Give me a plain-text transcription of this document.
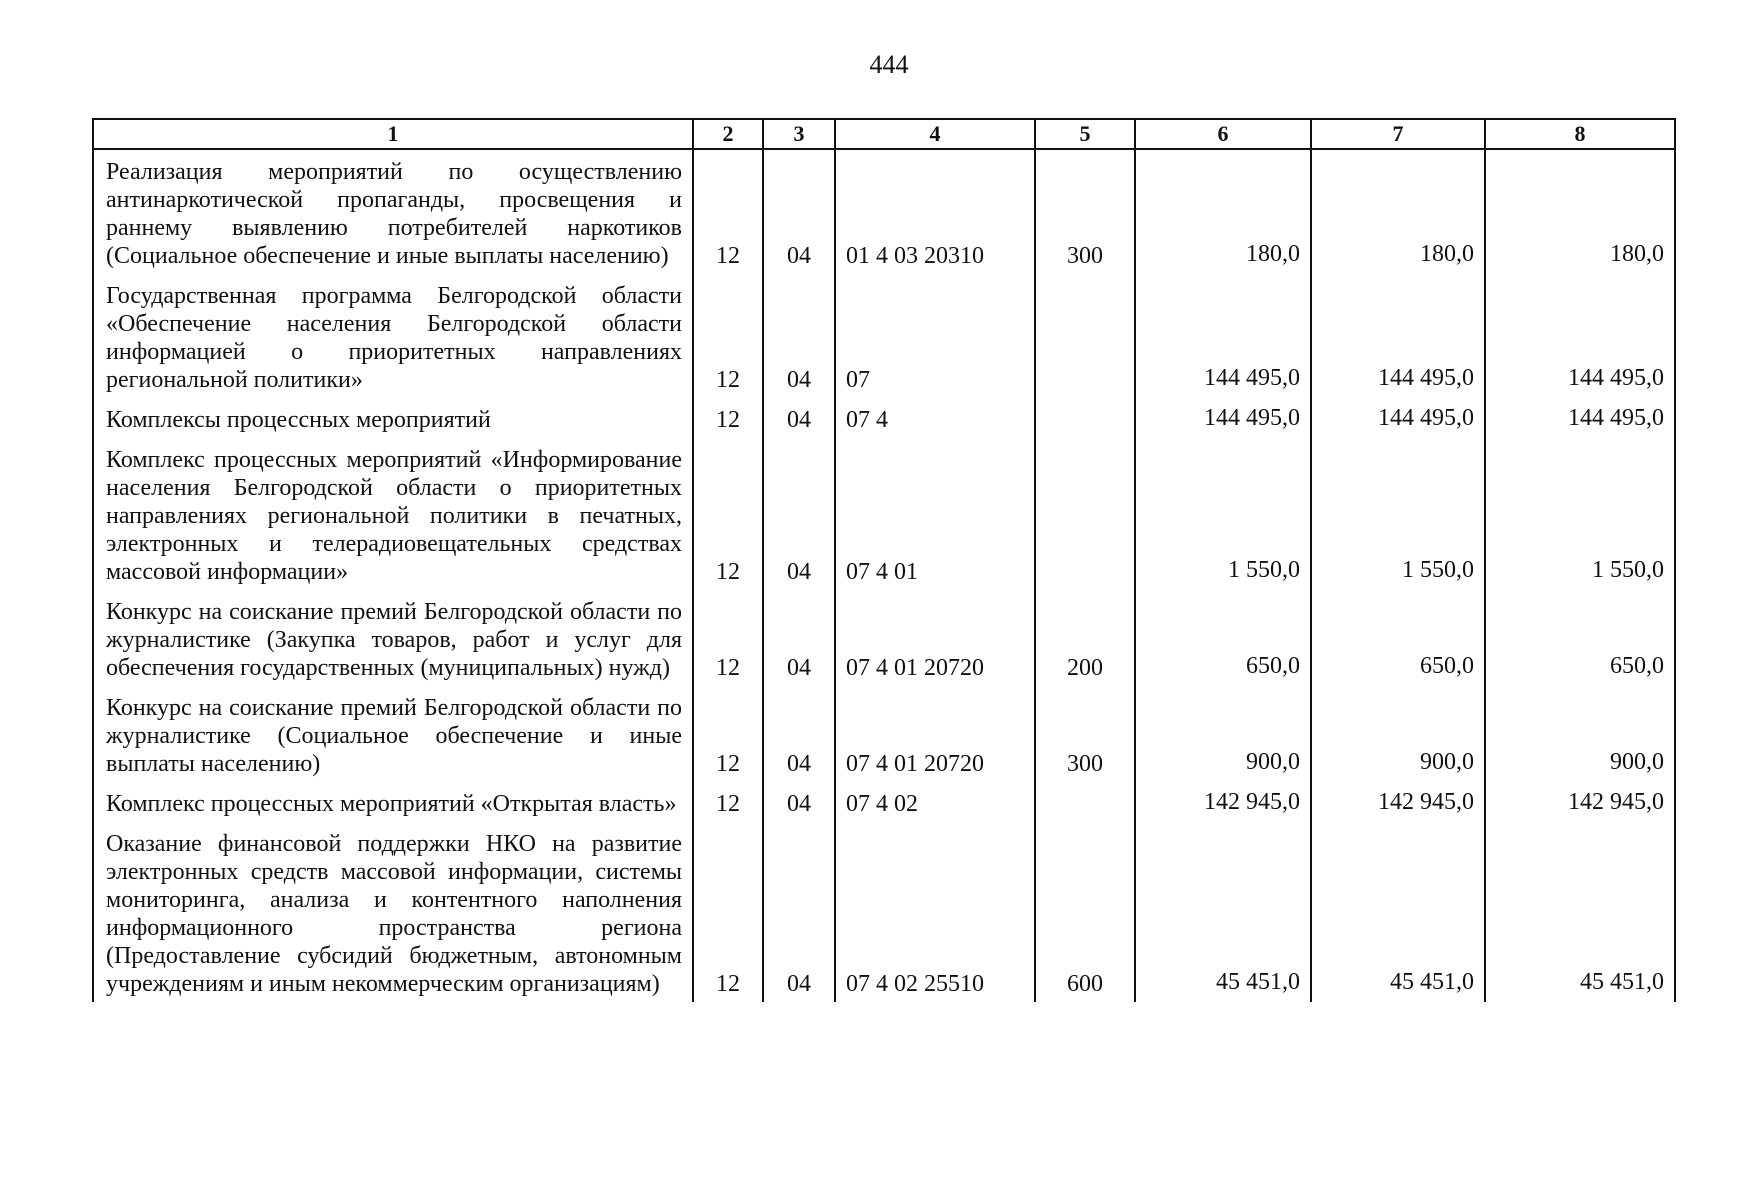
444
1	2	3	4	5	6	7	8
Реализация мероприятий по осуществлению антинаркотической пропаганды, просвещения и раннему выявлению потребителей наркотиков (Социальное обеспечение и иные выплаты населению)	12	04	01 4 03 20310	300	180,0	180,0	180,0
Государственная программа Белгородской области «Обеспечение населения Белгородской области информацией о приоритетных направлениях региональной политики»	12	04	07		144 495,0	144 495,0	144 495,0
Комплексы процессных мероприятий	12	04	07 4		144 495,0	144 495,0	144 495,0
Комплекс процессных мероприятий «Информирование населения Белгородской области о приоритетных направлениях региональной политики в печатных, электронных и телерадиовещательных средствах массовой информации»	12	04	07 4 01		1 550,0	1 550,0	1 550,0
Конкурс на соискание премий Белгородской области по журналистике (Закупка товаров, работ и услуг для обеспечения государственных (муниципальных) нужд)	12	04	07 4 01 20720	200	650,0	650,0	650,0
Конкурс на соискание премий Белгородской области по журналистике (Социальное обеспечение и иные выплаты населению)	12	04	07 4 01 20720	300	900,0	900,0	900,0
Комплекс процессных мероприятий «Открытая власть»	12	04	07 4 02		142 945,0	142 945,0	142 945,0
Оказание финансовой поддержки НКО на развитие электронных средств массовой информации, системы мониторинга, анализа и контентного наполнения информационного пространства региона (Предоставление субсидий бюджетным, автономным учреждениям и иным некоммерческим организациям)	12	04	07 4 02 25510	600	45 451,0	45 451,0	45 451,0
